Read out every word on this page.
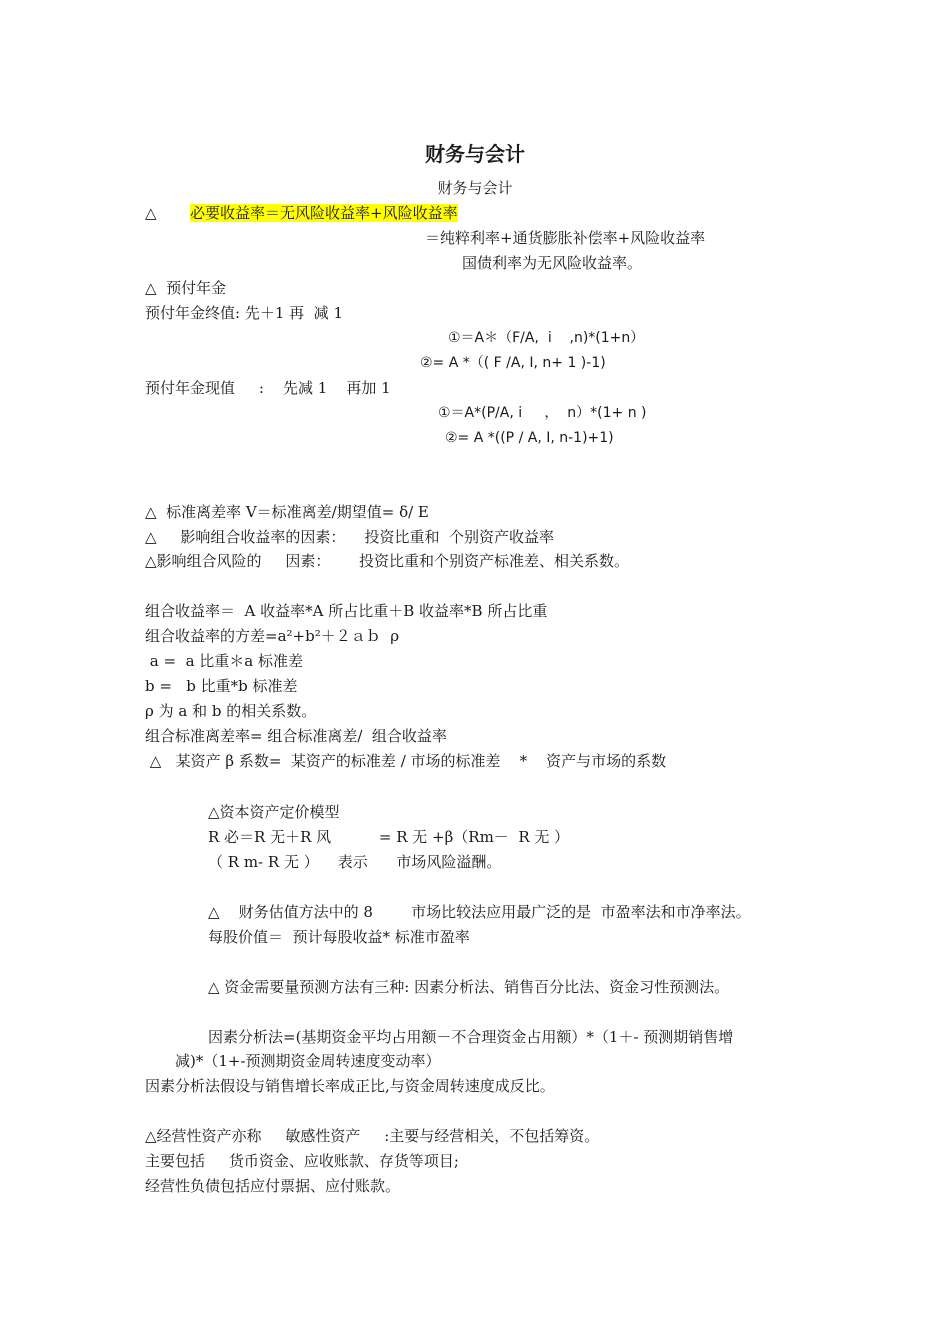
财务与会计

财务与会计

△ 必要收益率＝无风险收益率+风险收益率

＝纯粹利率+通货膨胀补偿率+风险收益率

国债利率为无风险收益率。

△  预付年金

预付年金终值: 先＋1 再  减 1

①＝A＊（F/A,  i    ,n)*(1+n）

②= A *（( F /A, I, n+ 1 )-1)

预付年金现值     :    先减 1    再加 1

①＝A*(P/A, i     ，  n）*(1+ n )

②= A *((P / A, I, n-1)+1)

△  标准离差率 V＝标准离差/期望值= δ/ E

△     影响组合收益率的因素：    投资比重和  个别资产收益率

△影响组合风险的     因素：      投资比重和个别资产标准差、相关系数。

组合收益率＝  A 收益率*A 所占比重＋B 收益率*B 所占比重

组合收益率的方差=a²+b²＋２ａｂ  ρ

a =  a 比重＊a 标准差

b =   b 比重*b 标准差

ρ 为 a 和 b 的相关系数。

组合标准离差率= 组合标准离差/  组合收益率

△   某资产 β 系数=  某资产的标准差 / 市场的标准差    *    资产与市场的系数

△资本资产定价模型

R 必＝R 无＋R 风          = R 无 +β（Rm－  R 无 ）

（ R m- R 无 ）    表示      市场风险溢酬。

△    财务估值方法中的 8        市场比较法应用最广泛的是  市盈率法和市净率法。

每股价值＝  预计每股收益* 标准市盈率

△ 资金需要量预测方法有三种: 因素分析法、销售百分比法、资金习性预测法。

因素分析法=(基期资金平均占用额－不合理资金占用额）*（1＋- 预测期销售增

减)*（1+-预测期资金周转速度变动率）

因素分析法假设与销售增长率成正比,与资金周转速度成反比。

△经营性资产亦称     敏感性资产     :主要与经营相关，不包括筹资。

主要包括     货币资金、应收账款、存货等项目;

经营性负债包括应付票据、应付账款。
